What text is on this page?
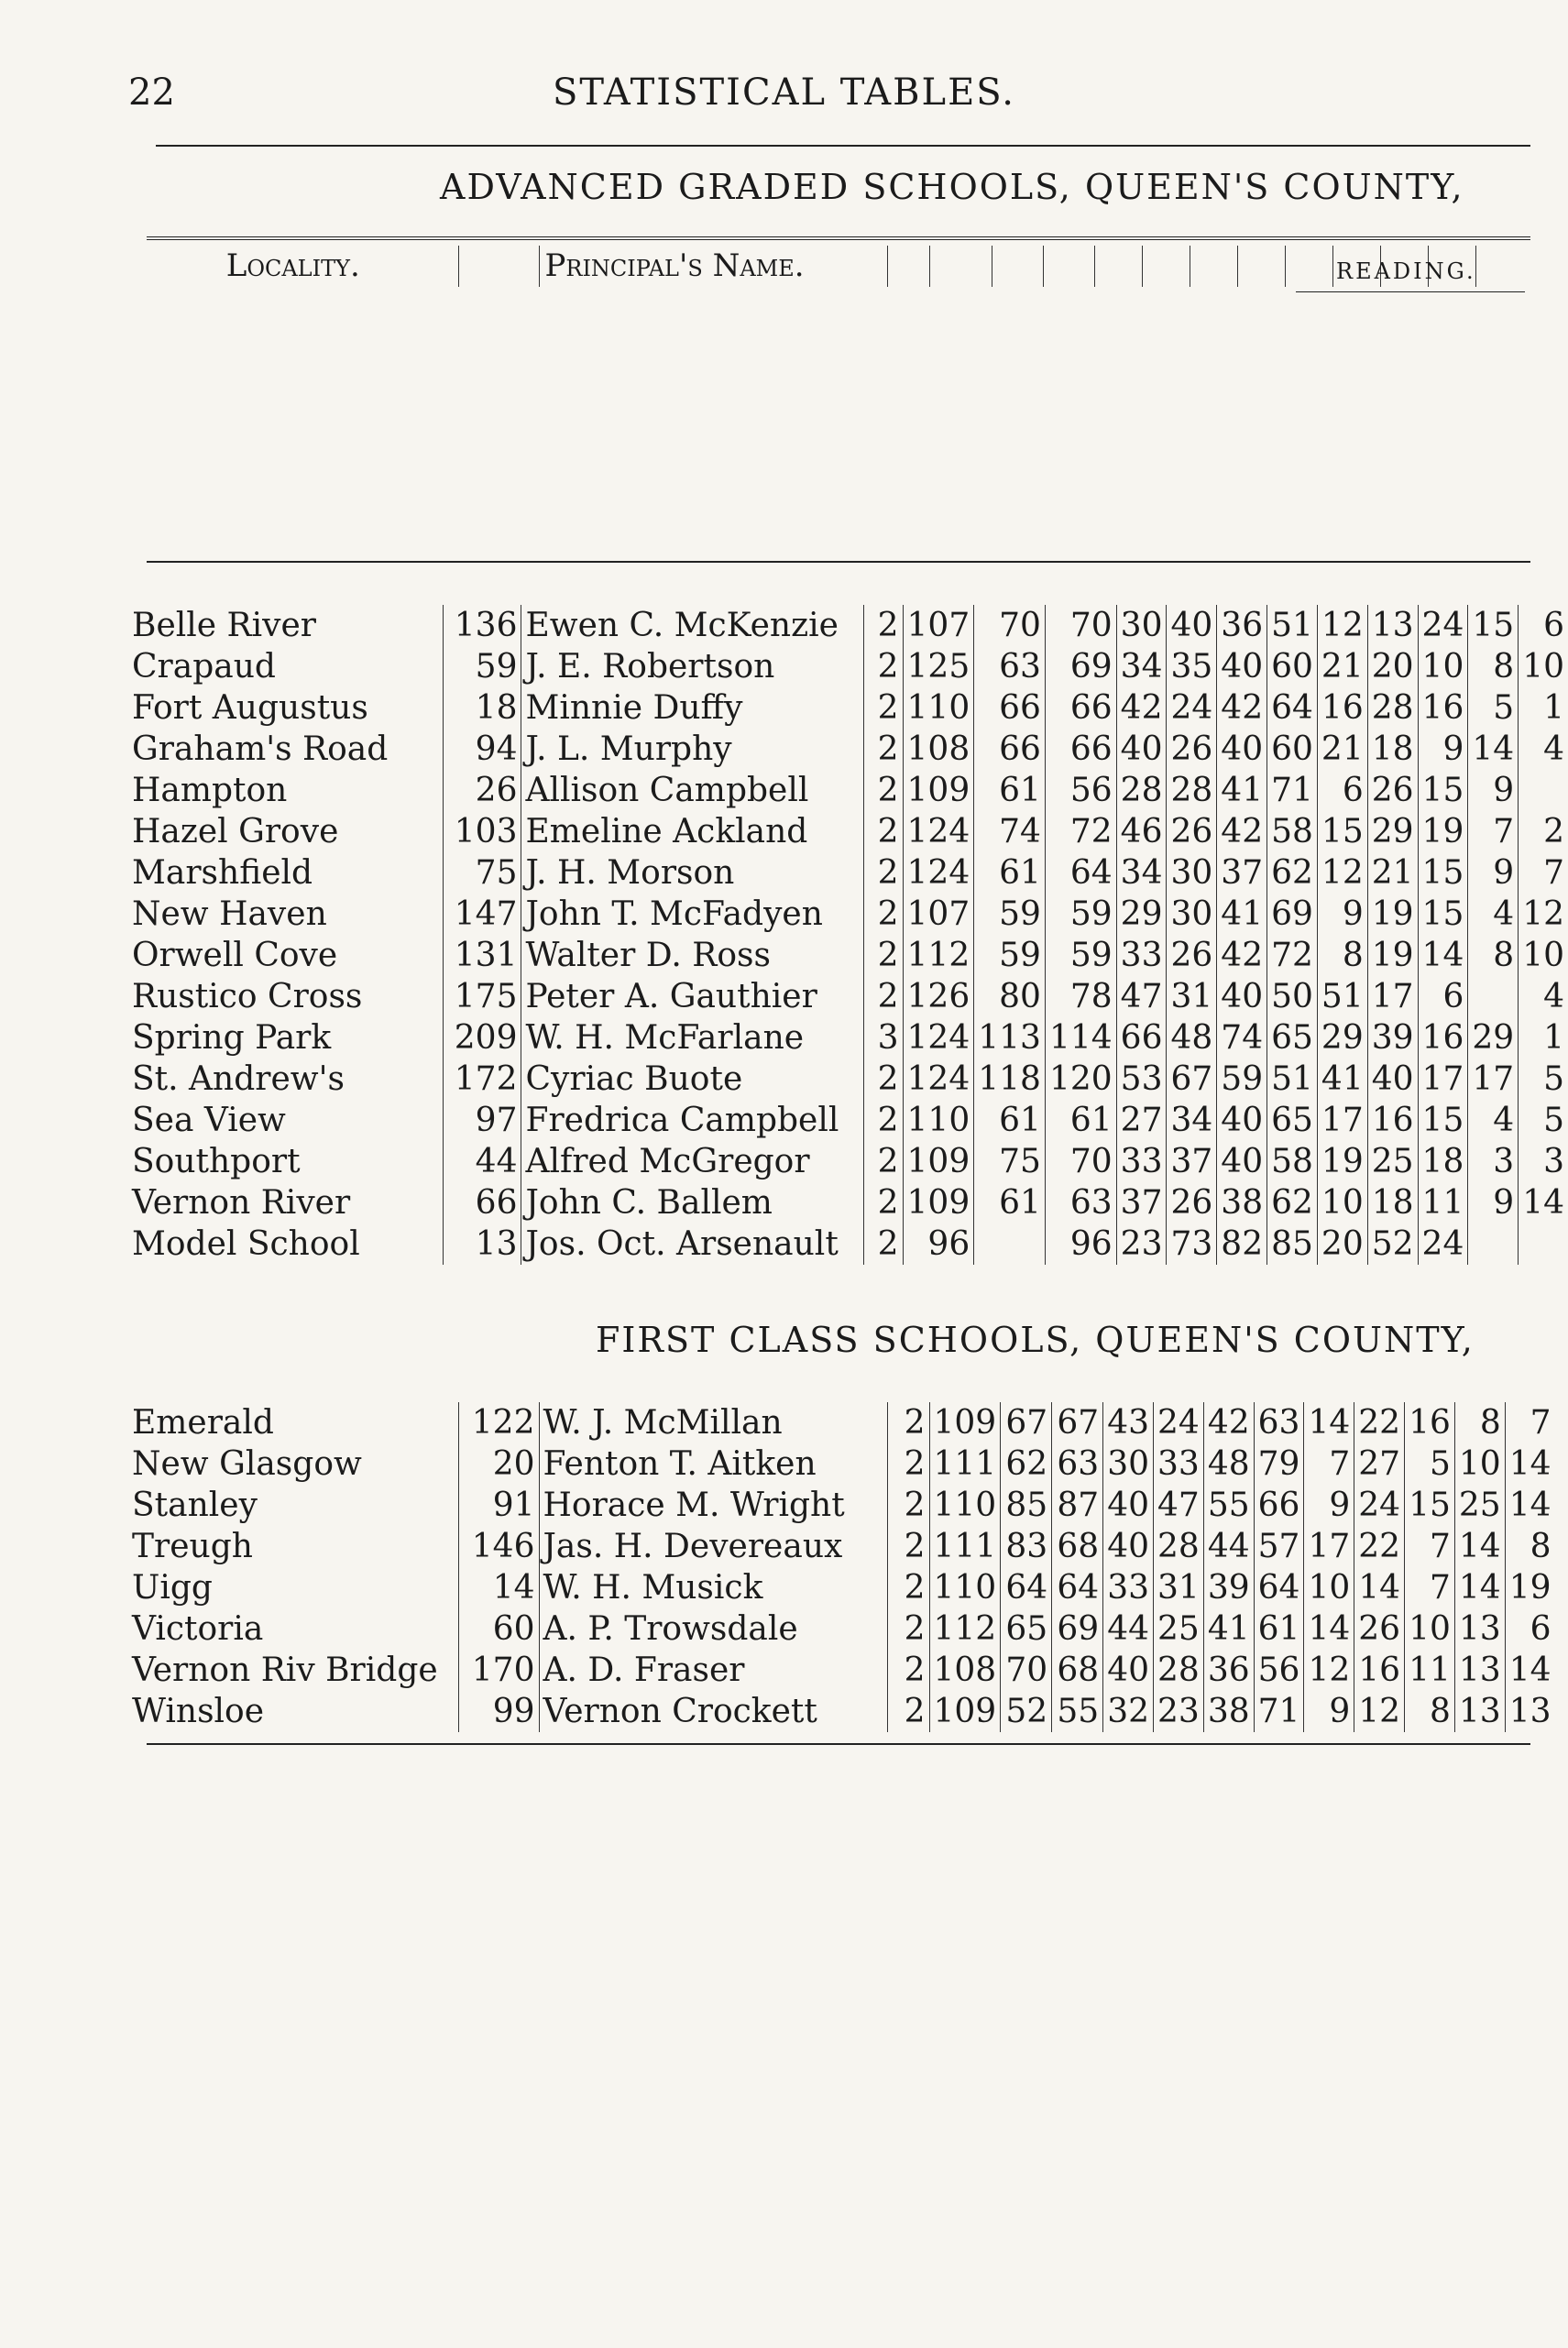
22	STATISTICAL TABLES.
ADVANCED GRADED SCHOOLS, QUEEN'S COUNTY,
Locality.		Principal's Name.	

		READING.
Belle River	136	Ewen C. McKenzie	2	107	70	70	30	40	36	51	12	13	24	15	6
Crapaud	59	J. E. Robertson	2	125	63	69	34	35	40	60	21	20	10	8	10
Fort Augustus	18	Minnie Duffy	2	110	66	66	42	24	42	64	16	28	16	5	1
Graham's Road	94	J. L. Murphy	2	108	66	66	40	26	40	60	21	18	9	14	4
Hampton	26	Allison Campbell	2	109	61	56	28	28	41	71	6	26	15	9	
Hazel Grove	103	Emeline Ackland	2	124	74	72	46	26	42	58	15	29	19	7	2
Marshfield	75	J. H. Morson	2	124	61	64	34	30	37	62	12	21	15	9	7
New Haven	147	John T. McFadyen	2	107	59	59	29	30	41	69	9	19	15	4	12
Orwell Cove	131	Walter D. Ross	2	112	59	59	33	26	42	72	8	19	14	8	10
Rustico Cross	175	Peter A. Gauthier	2	126	80	78	47	31	40	50	51	17	6		4
Spring Park	209	W. H. McFarlane	3	124	113	114	66	48	74	65	29	39	16	29	1
St. Andrew's	172	Cyriac Buote	2	124	118	120	53	67	59	51	41	40	17	17	5
Sea View	97	Fredrica Campbell	2	110	61	61	27	34	40	65	17	16	15	4	5
Southport	44	Alfred McGregor	2	109	75	70	33	37	40	58	19	25	18	3	3
Vernon River	66	John C. Ballem	2	109	61	63	37	26	38	62	10	18	11	9	14
Model School	13	Jos. Oct. Arsenault	2	96		96	23	73	82	85	20	52	24		
FIRST CLASS SCHOOLS, QUEEN'S COUNTY,
Emerald	122	W. J. McMillan	2	109	67	67	43	24	42	63	14	22	16	8	7
New Glasgow	20	Fenton T. Aitken	2	111	62	63	30	33	48	79	7	27	5	10	14
Stanley	91	Horace M. Wright	2	110	85	87	40	47	55	66	9	24	15	25	14
Treugh	146	Jas. H. Devereaux	2	111	83	68	40	28	44	57	17	22	7	14	8
Uigg	14	W. H. Musick	2	110	64	64	33	31	39	64	10	14	7	14	19
Victoria	60	A. P. Trowsdale	2	112	65	69	44	25	41	61	14	26	10	13	6
Vernon Riv Bridge	170	A. D. Fraser	2	108	70	68	40	28	36	56	12	16	11	13	14
Winsloe	99	Vernon Crockett	2	109	52	55	32	23	38	71	9	12	8	13	13
